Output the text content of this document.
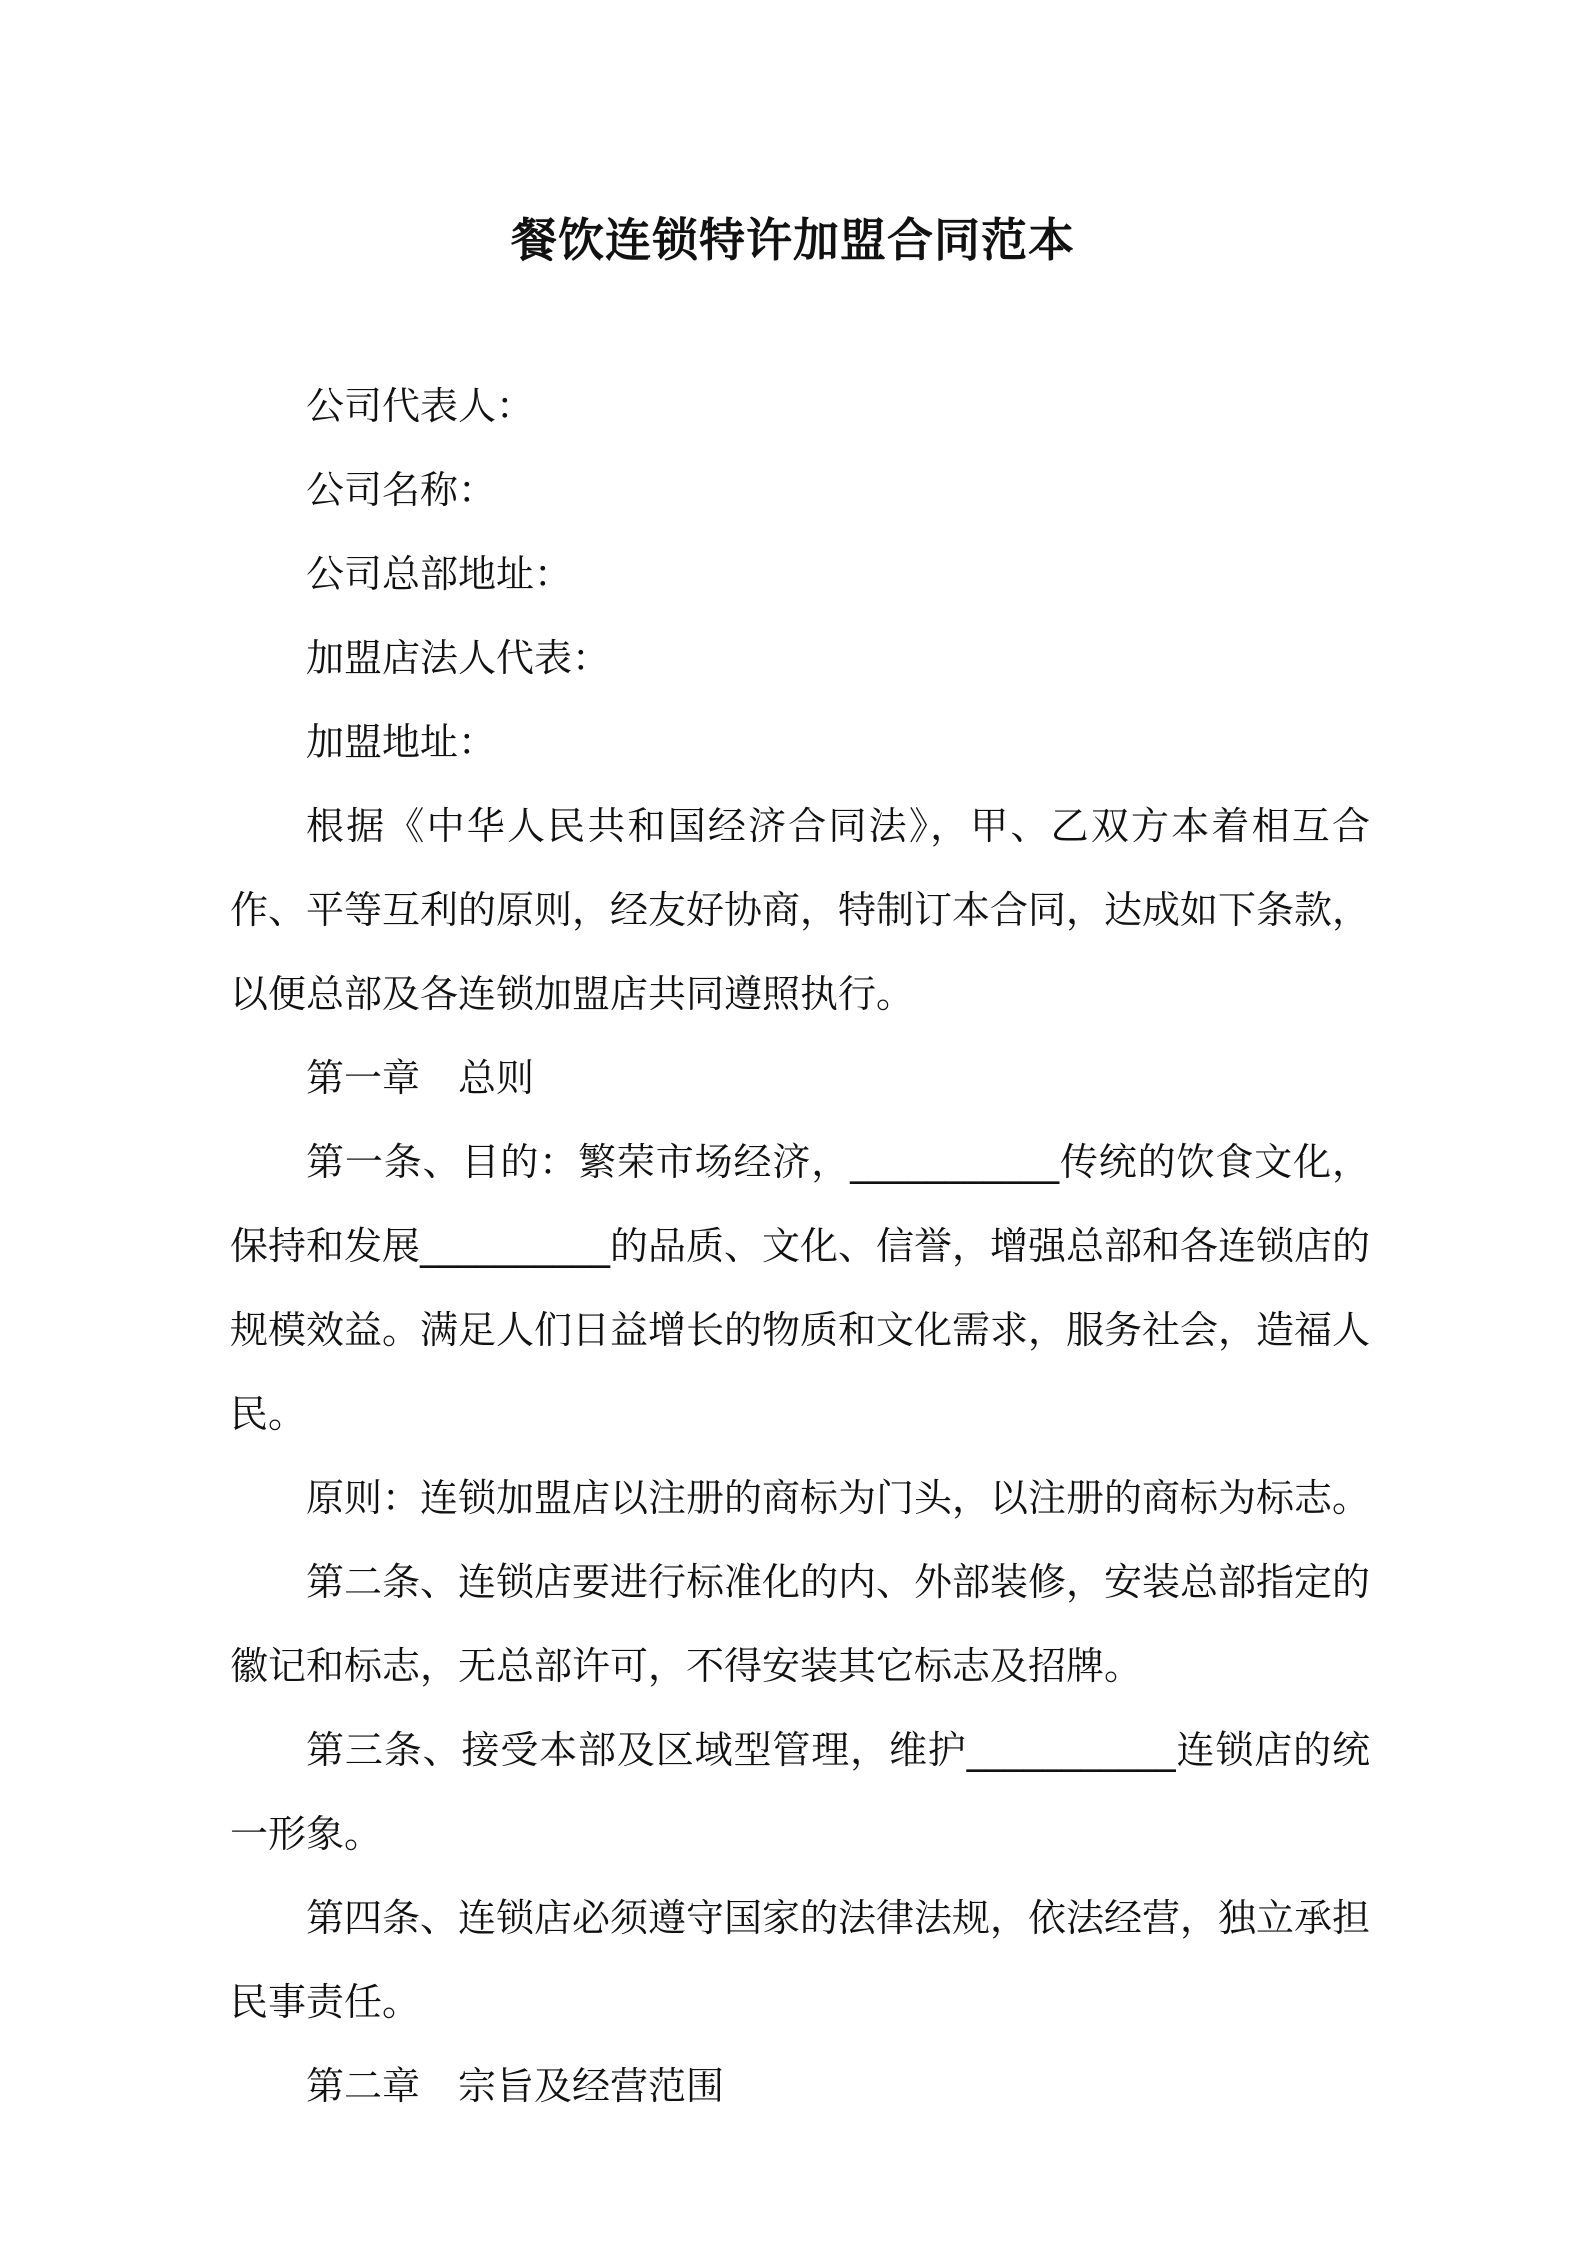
餐饮连锁特许加盟合同范本

公司代表人：

公司名称：

公司总部地址：

加盟店法人代表：

加盟地址：

根据《中华人民共和国经济合同法》，甲、乙双方本着相互合作、平等互利的原则，经友好协商，特制订本合同，达成如下条款，以便总部及各连锁加盟店共同遵照执行。

第一章　总则

第一条、目的：繁荣市场经济，___________传统的饮食文化，保持和发展__________的品质、文化、信誉，增强总部和各连锁店的规模效益。满足人们日益增长的物质和文化需求，服务社会，造福人民。

原则：连锁加盟店以注册的商标为门头，以注册的商标为标志。

第二条、连锁店要进行标准化的内、外部装修，安装总部指定的徽记和标志，无总部许可，不得安装其它标志及招牌。

第三条、接受本部及区域型管理，维护___________连锁店的统一形象。

第四条、连锁店必须遵守国家的法律法规，依法经营，独立承担民事责任。

第二章　宗旨及经营范围
